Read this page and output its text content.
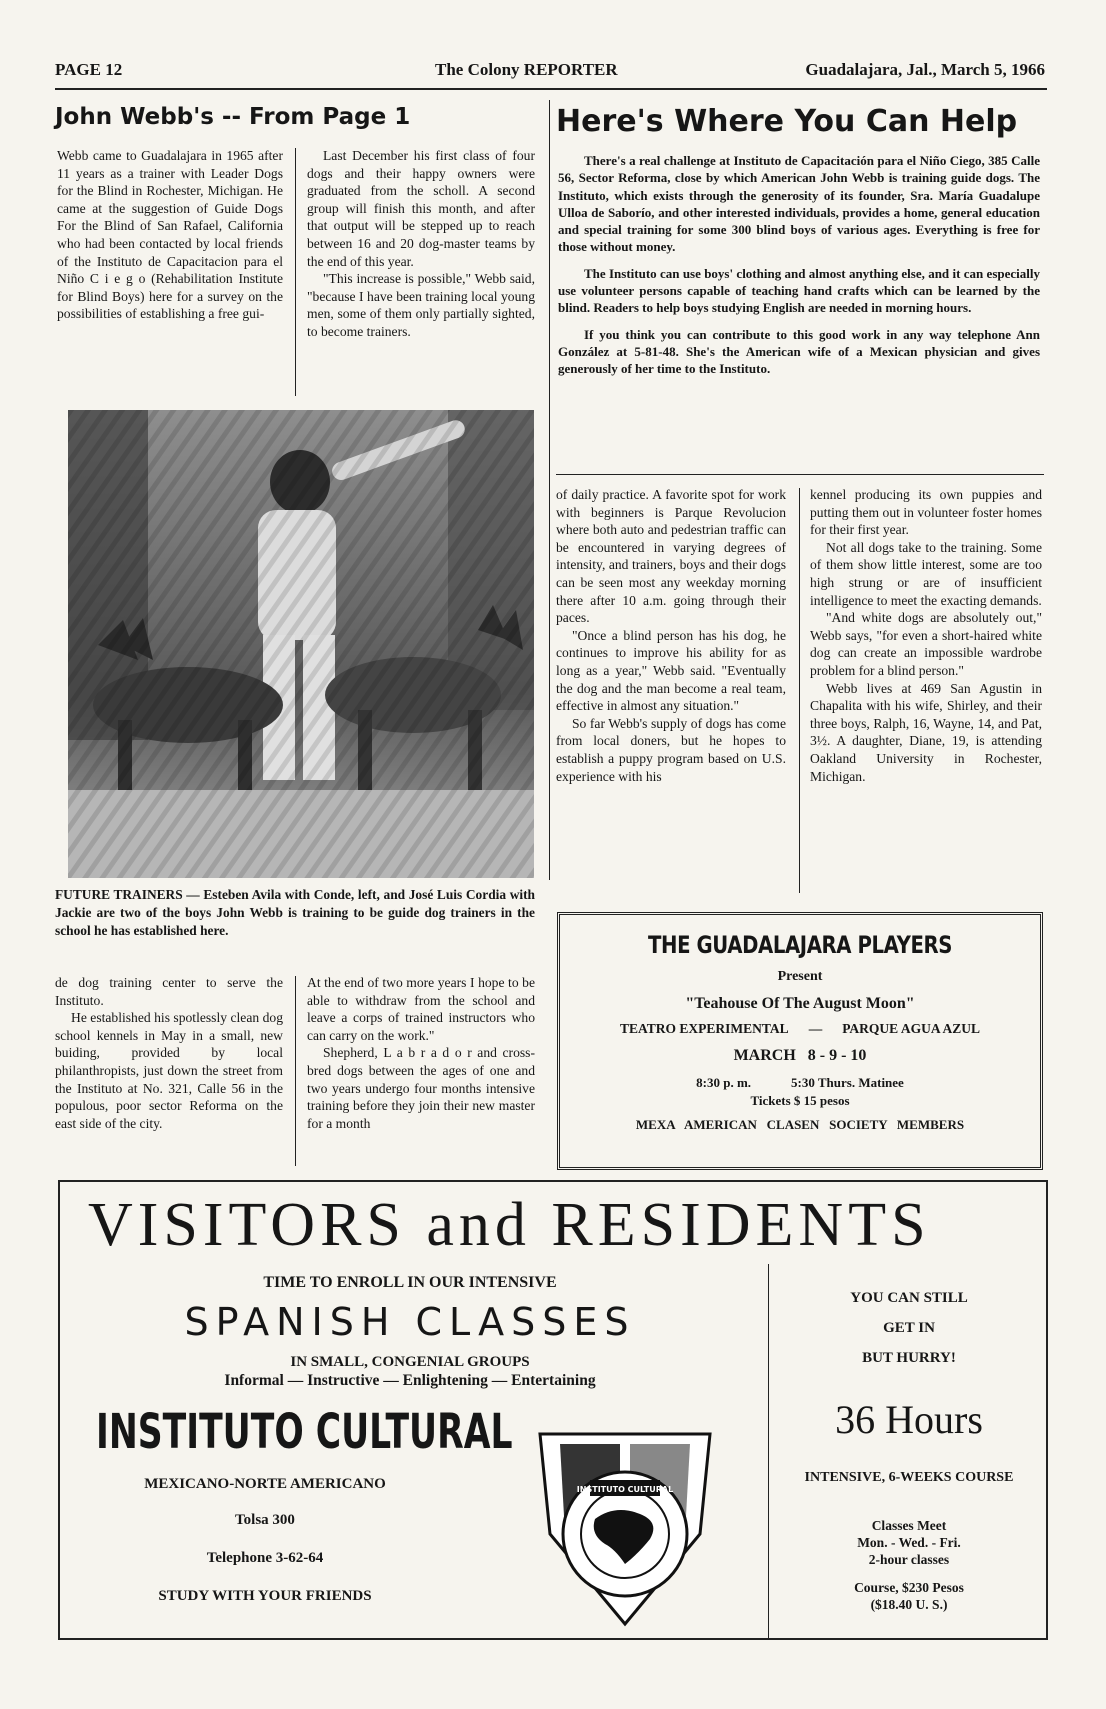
PAGE 12	The Colony REPORTER	Guadalajara, Jal., March 5, 1966
John Webb's -- From Page 1

Webb came to Guadalajara in 1965 after 11 years as a trainer with Leader Dogs for the Blind in Rochester, Michigan. He came at the suggestion of Guide Dogs For the Blind of San Rafael, California who had been contacted by local friends of the Instituto de Capacitacion para el Niño C i e g o (Rehabilitation Institute for Blind Boys) here for a survey on the possibilities of establishing a free gui-

Last December his first class of four dogs and their happy owners were graduated from the scholl. A second group will finish this month, and after that output will be stepped up to reach between 16 and 20 dog-master teams by the end of this year.

"This increase is possible," Webb said, "because I have been training local young men, some of them only partially sighted, to become trainers.

FUTURE TRAINERS — Esteben Avila with Conde, left, and José Luis Cordia with Jackie are two of the boys John Webb is training to be guide dog trainers in the school he has established here.

de dog training center to serve the Instituto.

He established his spotlessly clean dog school kennels in May in a small, new buiding, provided by local philanthropists, just down the street from the Instituto at No. 321, Calle 56 in the populous, poor sector Reforma on the east side of the city.

At the end of two more years I hope to be able to withdraw from the school and leave a corps of trained instructors who can carry on the work."

Shepherd, L a b r a d o r and cross-bred dogs between the ages of one and two years undergo four months intensive training before they join their new master for a month

Here's Where You Can Help

There's a real challenge at Instituto de Capacitación para el Niño Ciego, 385 Calle 56, Sector Reforma, close by which American John Webb is training guide dogs. The Instituto, which exists through the generosity of its founder, Sra. María Guadalupe Ulloa de Saborío, and other interested individuals, provides a home, general education and special training for some 300 blind boys of various ages. Everything is free for those without money.

The Instituto can use boys' clothing and almost anything else, and it can especially use volunteer persons capable of teaching hand crafts which can be learned by the blind. Readers to help boys studying English are needed in morning hours.

If you think you can contribute to this good work in any way telephone Ann González at 5-81-48. She's the American wife of a Mexican physician and gives generously of her time to the Instituto.

of daily practice. A favorite spot for work with beginners is Parque Revolucion where both auto and pedestrian traffic can be encountered in varying degrees of intensity, and trainers, boys and their dogs can be seen most any weekday morning there after 10 a.m. going through their paces.

"Once a blind person has his dog, he continues to improve his ability for as long as a year," Webb said. "Eventually the dog and the man become a real team, effective in almost any situation."

So far Webb's supply of dogs has come from local doners, but he hopes to establish a puppy program based on U.S. experience with his

kennel producing its own puppies and putting them out in volunteer foster homes for their first year.

Not all dogs take to the training. Some of them show little interest, some are too high strung or are of insufficient intelligence to meet the exacting demands.

"And white dogs are absolutely out," Webb says, "for even a short-haired white dog can create an impossible wardrobe problem for a blind person."

Webb lives at 469 San Agustin in Chapalita with his wife, Shirley, and their three boys, Ralph, 16, Wayne, 14, and Pat, 3½. A daughter, Diane, 19, is attending Oakland University in Rochester, Michigan.

THE GUADALAJARA PLAYERS
Present
"Teahouse Of The August Moon"
TEATRO EXPERIMENTAL — PARQUE AGUA AZUL
MARCH   8 - 9 - 10
8:30 p. m.	5:30 Thurs. Matinee
Tickets $ 15 pesos
MEXA   AMERICAN   CLASEN   SOCIETY   MEMBERS
VISITORS and RESIDENTS
TIME TO ENROLL IN OUR INTENSIVE
SPANISH CLASSES
IN SMALL, CONGENIAL GROUPS
Informal — Instructive — Enlightening — Entertaining
INSTITUTO CULTURAL
MEXICANO-NORTE AMERICANO
Tolsa 300
Telephone 3-62-64
STUDY WITH YOUR FRIENDS
INSTITUTO CULTURAL
YOU CAN STILL
GET IN
BUT HURRY!
36 Hours
INTENSIVE, 6-WEEKS COURSE
Classes Meet
Mon. - Wed. - Fri.
2-hour classes
Course, $230 Pesos
($18.40 U. S.)
